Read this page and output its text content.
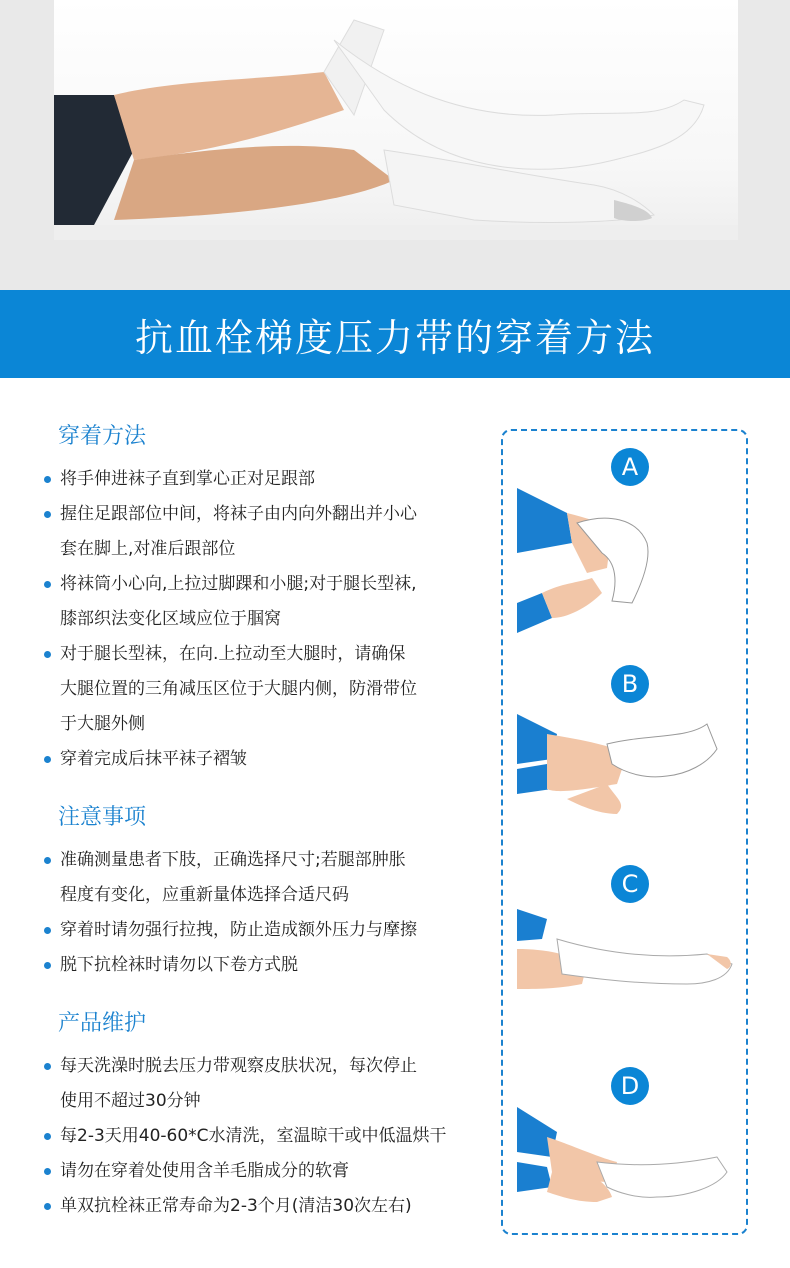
抗血栓梯度压力带的穿着方法
穿着方法
将手伸进袜子直到掌心正对足跟部
握住足跟部位中间，将袜子由内向外翻出并小心
套在脚上,对准后跟部位
将袜筒小心向,上拉过脚踝和小腿;对于腿长型袜,
膝部织法变化区域应位于腘窝
对于腿长型袜，在向.上拉动至大腿时，请确保
大腿位置的三角减压区位于大腿内侧，防滑带位
于大腿外侧
穿着完成后抹平袜子褶皱
注意事项
准确测量患者下肢，正确选择尺寸;若腿部肿胀
程度有变化，应重新量体选择合适尺码
穿着时请勿强行拉拽，防止造成额外压力与摩擦
脱下抗栓袜时请勿以下卷方式脱
产品维护
每天洗澡时脱去压力带观察皮肤状况，每次停止
使用不超过30分钟
每2-3天用40-60*C水清洗，室温晾干或中低温烘干
请勿在穿着处使用含羊毛脂成分的软膏
单双抗栓袜正常寿命为2-3个月(清洁30次左右)
A
B
C
D
